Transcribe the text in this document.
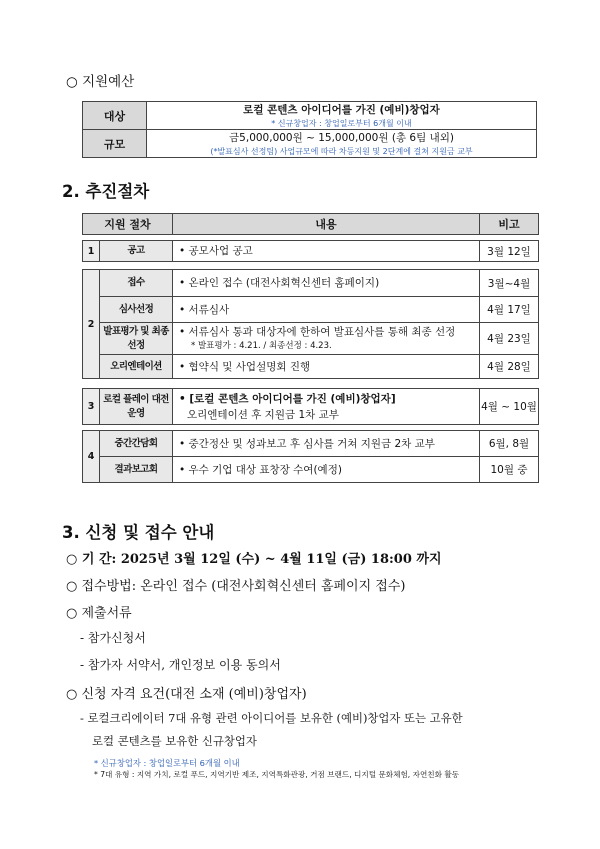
○ 지원예산
대상	로컬 콘텐츠 아이디어를 가진 (예비)창업자
* 신규창업자 : 창업일로부터 6개월 이내

규모	금5,000,000원 ~ 15,000,000원 (총 6팀 내외)
(*발표심사 선정팀) 사업규모에 따라 차등지원 및 2단계에 걸쳐 지원금 교부
2. 추진절차
지원 절차	내용	비고
1	공고	• 공모사업 공고	3월 12일
2	접수	• 온라인 접수 (대전사회혁신센터 홈페이지)	3월~4월
	심사선정	• 서류심사	4월 17일
	발표평가 및 최종선정	• 서류심사 통과 대상자에 한하여 발표심사를 통해 최종 선정
* 발표평가 : 4.21. / 최종선정 : 4.23.	4월 23일
	오리엔테이션	• 협약식 및 사업설명회 진행	4월 28일
3	로컬 플레이 대전 운영	• [로컬 콘텐츠 아이디어를 가진 (예비)창업자]
오리엔테이션 후 지원금 1차 교부	4월 ~ 10월
4	중간간담회	• 중간정산 및 성과보고 후 심사를 거쳐 지원금 2차 교부	6월, 8월
	결과보고회	• 우수 기업 대상 표창장 수여(예정)	10월 중
3. 신청 및 접수 안내
○ 기 간: 2025년 3월 12일 (수) ~ 4월 11일 (금) 18:00 까지
○ 접수방법: 온라인 접수 (대전사회혁신센터 홈페이지 접수)
○ 제출서류
- 참가신청서
- 참가자 서약서, 개인정보 이용 동의서
○ 신청 자격 요건(대전 소재 (예비)창업자)
- 로컬크리에이터 7대 유형 관련 아이디어를 보유한 (예비)창업자 또는 고유한
로컬 콘텐츠를 보유한 신규창업자
* 신규창업자 : 창업일로부터 6개월 이내
* 7대 유형 : 지역 가치, 로컬 푸드, 지역기반 제조, 지역특화관광, 거점 브랜드, 디지털 문화체험, 자연친화 활동
